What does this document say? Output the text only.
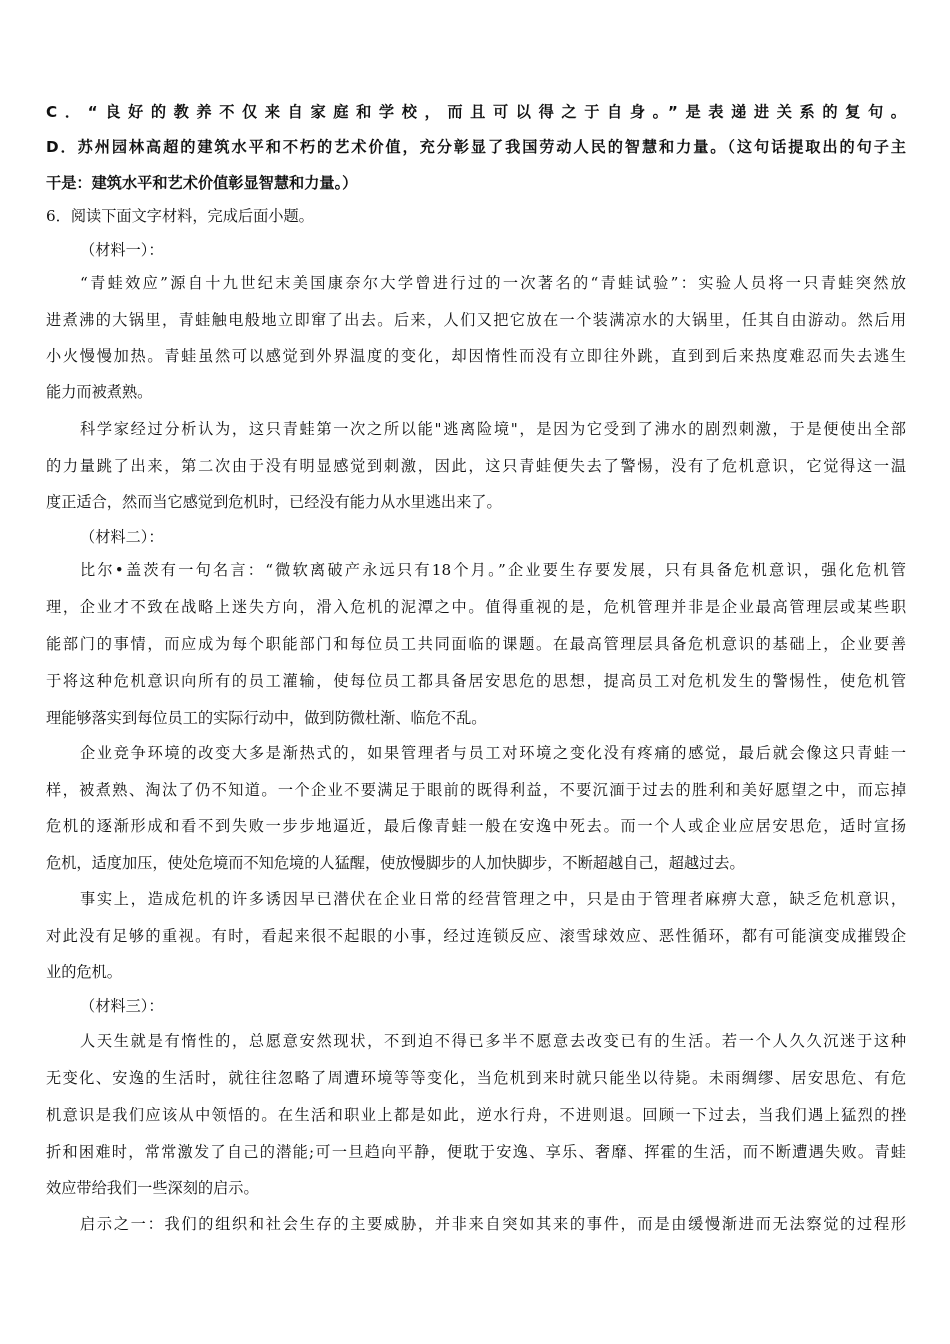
C．“良好的教养不仅来自家庭和学校，而且可以得之于自身。”是表递进关系的复句。
D．苏州园林高超的建筑水平和不朽的艺术价值，充分彰显了我国劳动人民的智慧和力量。（这句话提取出的句子主
干是：建筑水平和艺术价值彰显智慧和力量。）
6．阅读下面文字材料，完成后面小题。
（材料一）：
“青蛙效应”源自十九世纪末美国康奈尔大学曾进行过的一次著名的“青蛙试验”：实验人员将一只青蛙突然放
进煮沸的大锅里，青蛙触电般地立即窜了出去。后来，人们又把它放在一个装满凉水的大锅里，任其自由游动。然后用
小火慢慢加热。青蛙虽然可以感觉到外界温度的变化，却因惰性而没有立即往外跳，直到到后来热度难忍而失去逃生
能力而被煮熟。
科学家经过分析认为，这只青蛙第一次之所以能"逃离险境"，是因为它受到了沸水的剧烈刺激，于是便使出全部
的力量跳了出来，第二次由于没有明显感觉到刺激，因此，这只青蛙便失去了警惕，没有了危机意识，它觉得这一温
度正适合，然而当它感觉到危机时，已经没有能力从水里逃出来了。
（材料二）：
比尔•盖茨有一句名言：“微软离破产永远只有18个月。”企业要生存要发展，只有具备危机意识，强化危机管
理，企业才不致在战略上迷失方向，滑入危机的泥潭之中。值得重视的是，危机管理并非是企业最高管理层或某些职
能部门的事情，而应成为每个职能部门和每位员工共同面临的课题。在最高管理层具备危机意识的基础上，企业要善
于将这种危机意识向所有的员工灌输，使每位员工都具备居安思危的思想，提高员工对危机发生的警惕性，使危机管
理能够落实到每位员工的实际行动中，做到防微杜渐、临危不乱。
企业竞争环境的改变大多是渐热式的，如果管理者与员工对环境之变化没有疼痛的感觉，最后就会像这只青蛙一
样，被煮熟、淘汰了仍不知道。一个企业不要满足于眼前的既得利益，不要沉湎于过去的胜利和美好愿望之中，而忘掉
危机的逐渐形成和看不到失败一步步地逼近，最后像青蛙一般在安逸中死去。而一个人或企业应居安思危，适时宣扬
危机，适度加压，使处危境而不知危境的人猛醒，使放慢脚步的人加快脚步，不断超越自己，超越过去。
事实上，造成危机的许多诱因早已潜伏在企业日常的经营管理之中，只是由于管理者麻痹大意，缺乏危机意识，
对此没有足够的重视。有时，看起来很不起眼的小事，经过连锁反应、滚雪球效应、恶性循环，都有可能演变成摧毁企
业的危机。
（材料三）：
人天生就是有惰性的，总愿意安然现状，不到迫不得已多半不愿意去改变已有的生活。若一个人久久沉迷于这种
无变化、安逸的生活时，就往往忽略了周遭环境等等变化，当危机到来时就只能坐以待毙。未雨绸缪、居安思危、有危
机意识是我们应该从中领悟的。在生活和职业上都是如此，逆水行舟，不进则退。回顾一下过去，当我们遇上猛烈的挫
折和困难时，常常激发了自己的潜能;可一旦趋向平静，便耽于安逸、享乐、奢靡、挥霍的生活，而不断遭遇失败。青蛙
效应带给我们一些深刻的启示。
启示之一：我们的组织和社会生存的主要威胁，并非来自突如其来的事件，而是由缓慢渐进而无法察觉的过程形
